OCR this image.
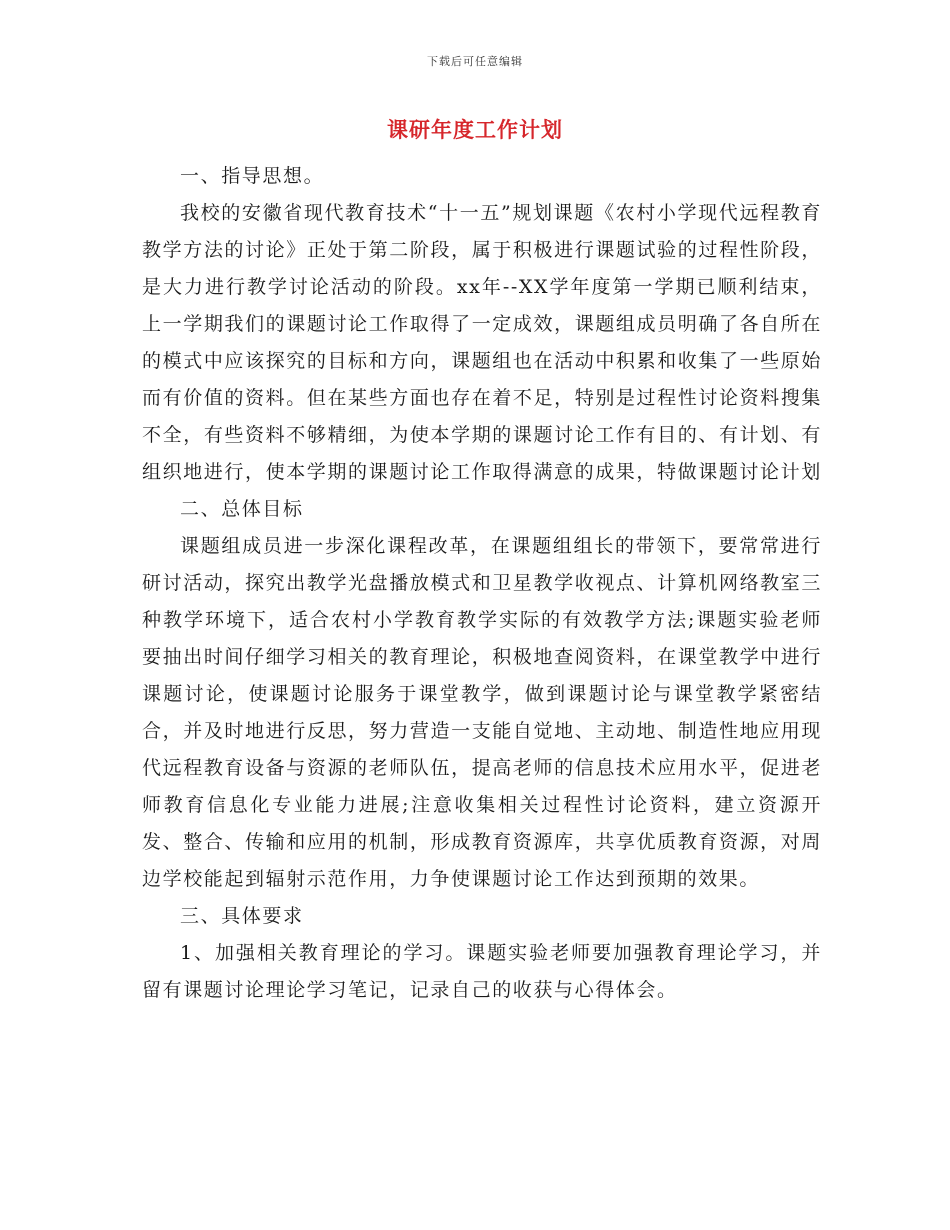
下载后可任意编辑
课研年度工作计划

一、指导思想。

我校的安徽省现代教育技术“十一五”规划课题《农村小学现代远程教育教学方法的讨论》正处于第二阶段，属于积极进行课题试验的过程性阶段，是大力进行教学讨论活动的阶段。xx年--XX学年度第一学期已顺利结束，上一学期我们的课题讨论工作取得了一定成效，课题组成员明确了各自所在的模式中应该探究的目标和方向，课题组也在活动中积累和收集了一些原始而有价值的资料。但在某些方面也存在着不足，特别是过程性讨论资料搜集不全，有些资料不够精细，为使本学期的课题讨论工作有目的、有计划、有组织地进行，使本学期的课题讨论工作取得满意的成果，特做课题讨论计划

二、总体目标

课题组成员进一步深化课程改革，在课题组组长的带领下，要常常进行研讨活动，探究出教学光盘播放模式和卫星教学收视点、计算机网络教室三种教学环境下，适合农村小学教育教学实际的有效教学方法;课题实验老师要抽出时间仔细学习相关的教育理论，积极地查阅资料，在课堂教学中进行课题讨论，使课题讨论服务于课堂教学，做到课题讨论与课堂教学紧密结合，并及时地进行反思，努力营造一支能自觉地、主动地、制造性地应用现代远程教育设备与资源的老师队伍，提高老师的信息技术应用水平，促进老师教育信息化专业能力进展;注意收集相关过程性讨论资料，建立资源开发、整合、传输和应用的机制，形成教育资源库，共享优质教育资源，对周边学校能起到辐射示范作用，力争使课题讨论工作达到预期的效果。

三、具体要求

1、加强相关教育理论的学习。课题实验老师要加强教育理论学习，并留有课题讨论理论学习笔记，记录自己的收获与心得体会。
